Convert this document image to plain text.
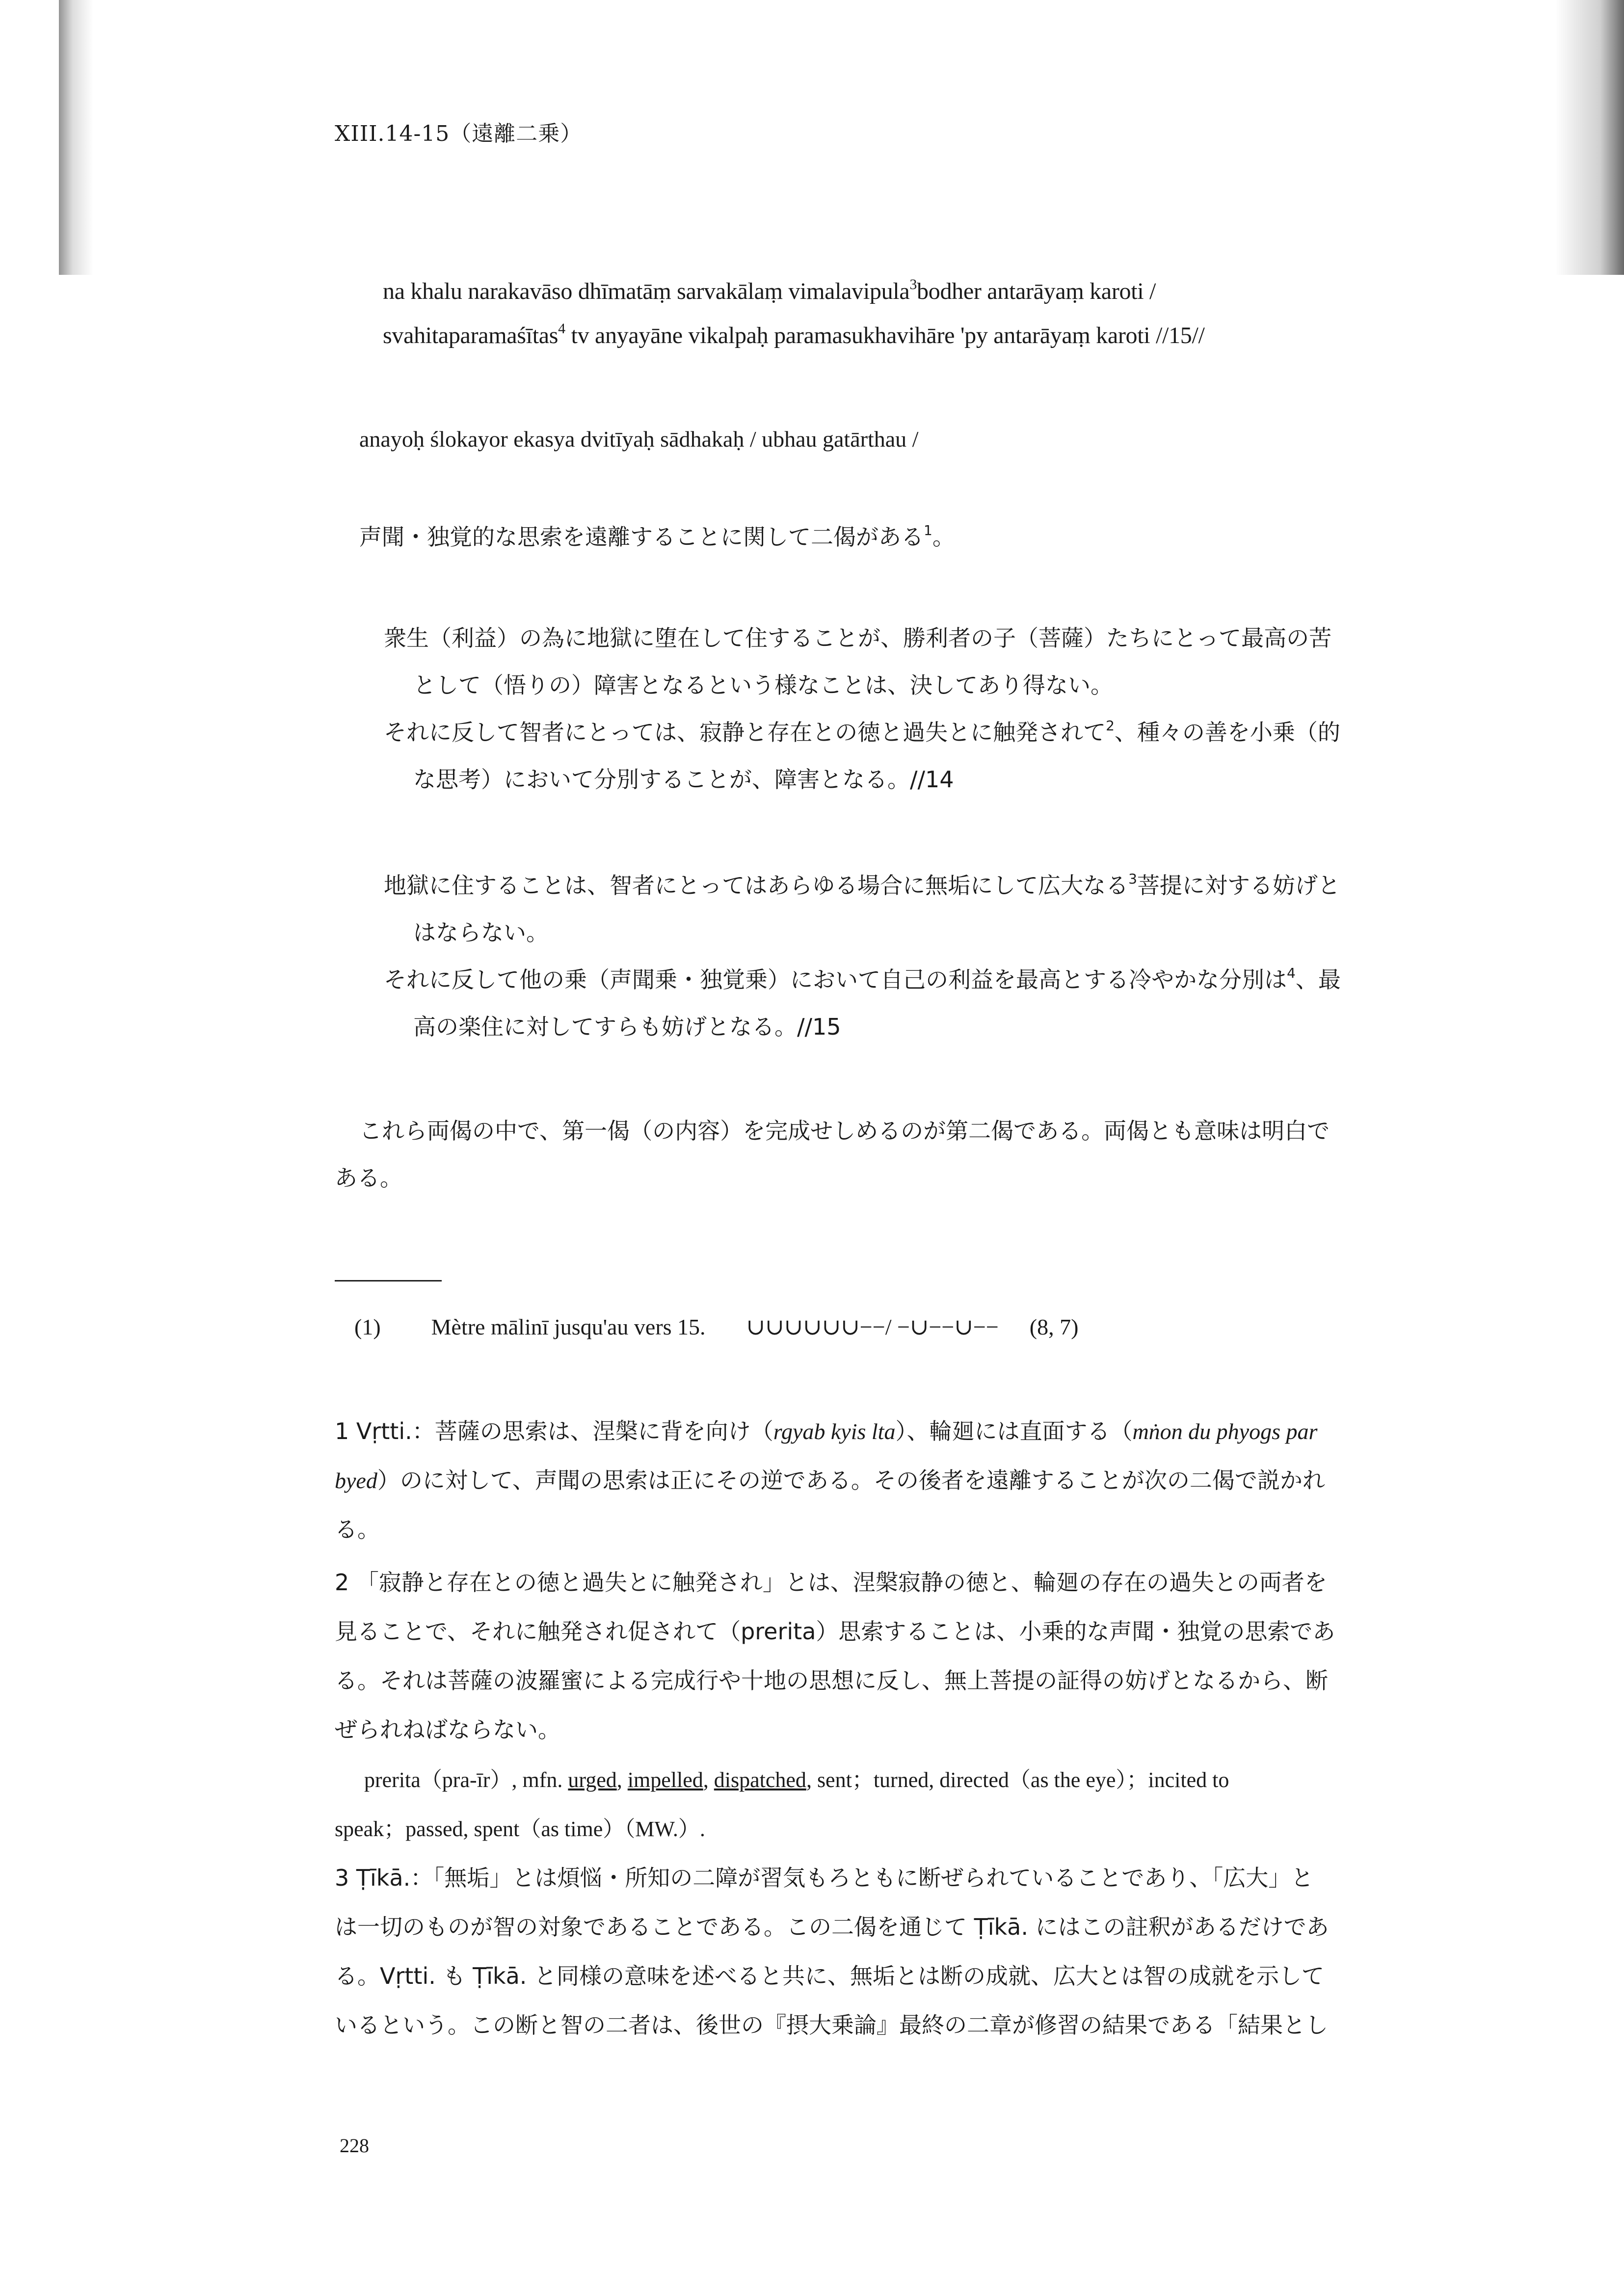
XIII.14-15（遠離二乗）
na khalu narakavāso dhīmatāṃ sarvakālaṃ vimalavipula$^3$bodher antarāyaṃ karoti /
svahitaparamaśītas$^4$ tv anyayāne vikalpaḥ paramasukhavihāre 'py antarāyaṃ karoti //15//
anayoḥ ślokayor ekasya dvitīyaḥ sādhakaḥ / ubhau gatārthau /
声聞・独覚的な思索を遠離することに関して二偈がある$^1$。
衆生（利益）の為に地獄に堕在して住することが、勝利者の子（菩薩）たちにとって最高の苦
として（悟りの）障害となるという様なことは、決してあり得ない。
それに反して智者にとっては、寂静と存在との徳と過失とに触発されて$^2$、種々の善を小乗（的
な思考）において分別することが、障害となる。//14
地獄に住することは、智者にとってはあらゆる場合に無垢にして広大なる$^3$菩提に対する妨げと
はならない。
それに反して他の乗（声聞乗・独覚乗）において自己の利益を最高とする冷やかな分別は$^4$、最
高の楽住に対してすらも妨げとなる。//15
これら両偈の中で、第一偈（の内容）を完成せしめるのが第二偈である。両偈とも意味は明白で
ある。
(1) Mètre mālinī jusqu'au vers 15. ∪∪∪∪∪∪−−/ −∪−−∪−− (8, 7)
1 Vṛtti.：菩薩の思索は、涅槃に背を向け（rgyab kyis lta）、輪廻には直面する（mṅon du phyogs par
byed）のに対して、声聞の思索は正にその逆である。その後者を遠離することが次の二偈で説かれ
る。
2 「寂静と存在との徳と過失とに触発され」とは、涅槃寂静の徳と、輪廻の存在の過失との両者を
見ることで、それに触発され促されて（prerita）思索することは、小乗的な声聞・独覚の思索であ
る。それは菩薩の波羅蜜による完成行や十地の思想に反し、無上菩提の証得の妨げとなるから、断
ぜられねばならない。
prerita（pra-īr）, mfn. urged, impelled, dispatched, sent；turned, directed（as the eye）；incited to
speak；passed, spent（as time）（MW.）.
3 Ṭīkā.：「無垢」とは煩悩・所知の二障が習気もろともに断ぜられていることであり、「広大」と
は一切のものが智の対象であることである。この二偈を通じて Ṭīkā. にはこの註釈があるだけであ
る。Vṛtti. も Ṭīkā. と同様の意味を述べると共に、無垢とは断の成就、広大とは智の成就を示して
いるという。この断と智の二者は、後世の『摂大乗論』最終の二章が修習の結果である「結果とし
228
